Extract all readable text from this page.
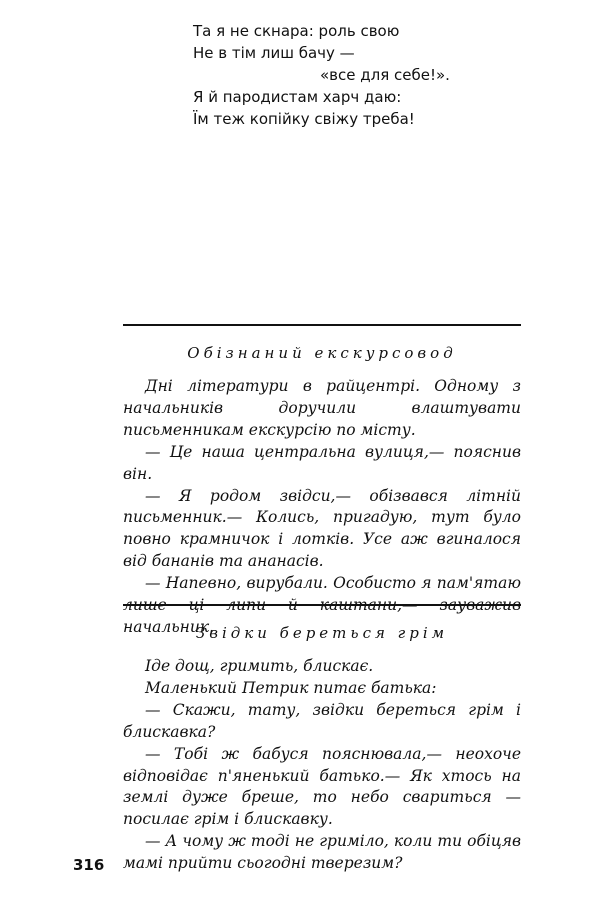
Та я не скнара: роль свою
Не в тім лиш бачу —
«все для себе!».
Я й пародистам харч даю:
Їм теж копійку свіжу треба!
Обізнаний екскурсовод

Дні літератури в райцентрі. Одному з начальників доручили влаштувати письменникам екскурсію по місту.

— Це наша центральна вулиця,— пояснив він.

— Я родом звідси,— обізвався літній письменник.— Колись, пригадую, тут було повно крамничок і лотків. Усе аж вгиналося від бананів та ананасів.

— Напевно, вирубали. Особисто я пам'ятаю лише ці липи й каштани,— зауважив начальник.

Звідки береться грім

Іде дощ, гримить, блискає.

Маленький Петрик питає батька:

— Скажи, тату, звідки береться грім і блискавка?

— Тобі ж бабуся пояснювала,— неохоче відповідає п'яненький батько.— Як хтось на землі дуже бреше, то небо свариться — посилає грім і блискавку.

— А чому ж тоді не гриміло, коли ти обіцяв мамі прийти сьогодні тверезим?

316
